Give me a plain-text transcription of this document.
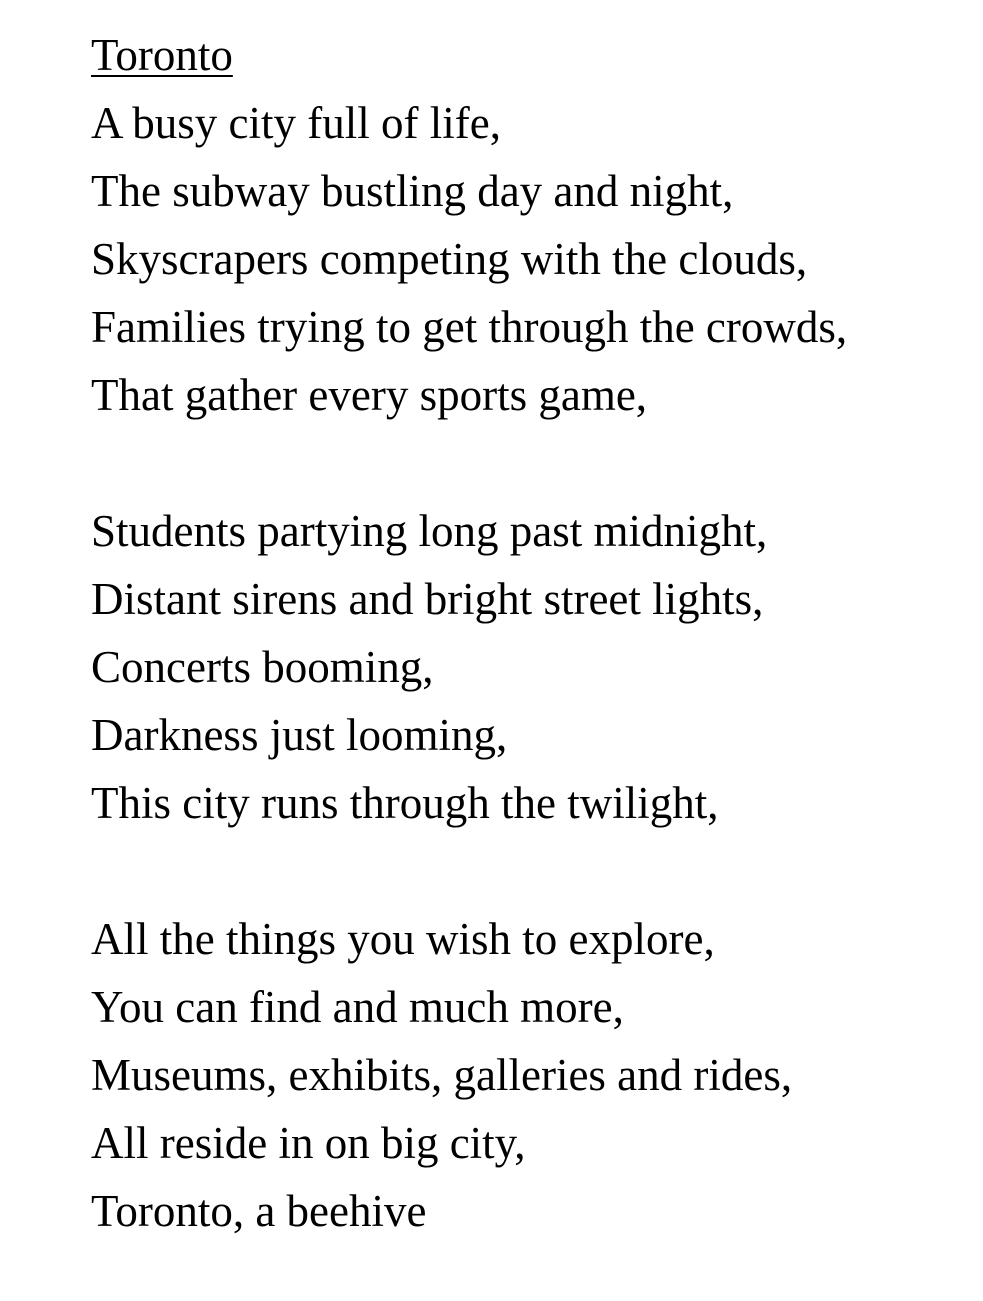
Toronto
A busy city full of life,
The subway bustling day and night,
Skyscrapers competing with the clouds,
Families trying to get through the crowds,
That gather every sports game,
Students partying long past midnight,
Distant sirens and bright street lights,
Concerts booming,
Darkness just looming,
This city runs through the twilight,
All the things you wish to explore,
You can find and much more,
Museums, exhibits, galleries and rides,
All reside in on big city,
Toronto, a beehive
